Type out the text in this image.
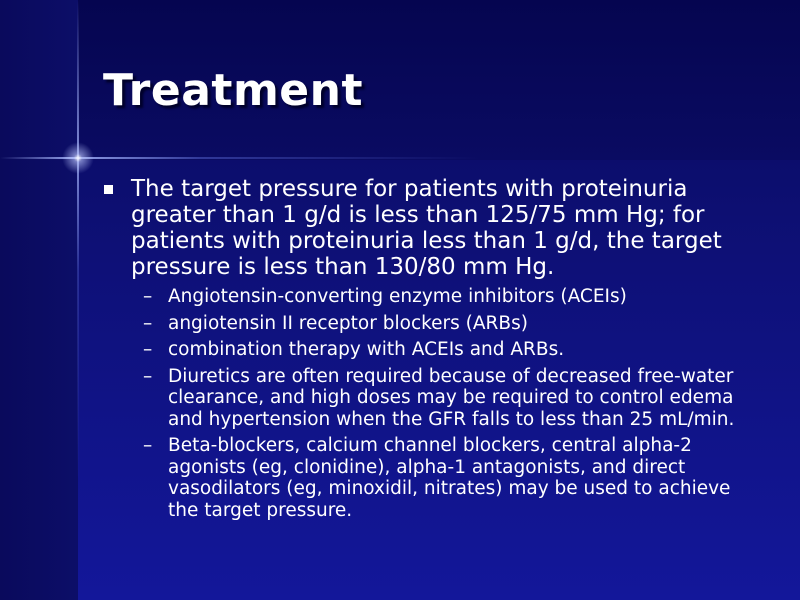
Treatment
The target pressure for patients with proteinuria greater than 1 g/d is less than 125/75 mm Hg; for patients with proteinuria less than 1 g/d, the target pressure is less than 130/80 mm Hg.
– Angiotensin-converting enzyme inhibitors (ACEIs)
– angiotensin II receptor blockers (ARBs)
– combination therapy with ACEIs and ARBs.
– Diuretics are often required because of decreased free-water clearance, and high doses may be required to control edema and hypertension when the GFR falls to less than 25 mL/min.
– Beta-blockers, calcium channel blockers, central alpha-2 agonists (eg, clonidine), alpha-1 antagonists, and direct vasodilators (eg, minoxidil, nitrates) may be used to achieve the target pressure.
